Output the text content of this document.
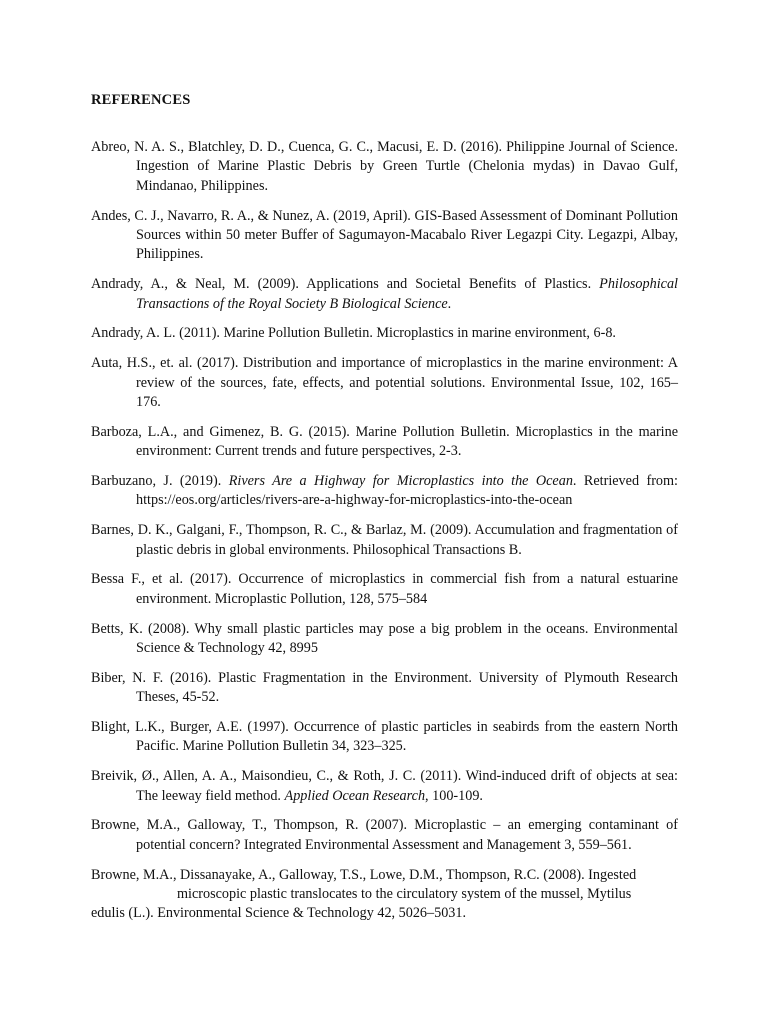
REFERENCES
Abreo, N. A. S., Blatchley, D. D., Cuenca, G. C., Macusi, E. D. (2016). Philippine Journal of Science. Ingestion of Marine Plastic Debris by Green Turtle (Chelonia mydas) in Davao Gulf, Mindanao, Philippines.
Andes, C. J., Navarro, R. A., & Nunez, A. (2019, April). GIS-Based Assessment of Dominant Pollution Sources within 50 meter Buffer of Sagumayon-Macabalo River Legazpi City. Legazpi, Albay, Philippines.
Andrady, A., & Neal, M. (2009). Applications and Societal Benefits of Plastics. Philosophical Transactions of the Royal Society B Biological Science.
Andrady, A. L. (2011). Marine Pollution Bulletin. Microplastics in marine environment, 6-8.
Auta, H.S., et. al. (2017). Distribution and importance of microplastics in the marine environment: A review of the sources, fate, effects, and potential solutions. Environmental Issue, 102, 165–176.
Barboza, L.A., and Gimenez, B. G. (2015). Marine Pollution Bulletin. Microplastics in the marine environment: Current trends and future perspectives, 2-3.
Barbuzano, J. (2019). Rivers Are a Highway for Microplastics into the Ocean. Retrieved from: https://eos.org/articles/rivers-are-a-highway-for-microplastics-into-the-ocean
Barnes, D. K., Galgani, F., Thompson, R. C., & Barlaz, M. (2009). Accumulation and fragmentation of plastic debris in global environments. Philosophical Transactions B.
Bessa F., et al. (2017). Occurrence of microplastics in commercial fish from a natural estuarine environment. Microplastic Pollution, 128, 575–584
Betts, K. (2008). Why small plastic particles may pose a big problem in the oceans. Environmental Science & Technology 42, 8995
Biber, N. F. (2016). Plastic Fragmentation in the Environment. University of Plymouth Research Theses, 45-52.
Blight, L.K., Burger, A.E. (1997). Occurrence of plastic particles in seabirds from the eastern North Pacific. Marine Pollution Bulletin 34, 323–325.
Breivik, Ø., Allen, A. A., Maisondieu, C., & Roth, J. C. (2011). Wind-induced drift of objects at sea: The leeway field method. Applied Ocean Research, 100-109.
Browne, M.A., Galloway, T., Thompson, R. (2007). Microplastic – an emerging contaminant of potential concern? Integrated Environmental Assessment and Management 3, 559–561.
Browne, M.A., Dissanayake, A., Galloway, T.S., Lowe, D.M., Thompson, R.C. (2008). Ingested
microscopic plastic translocates to the circulatory system of the mussel, Mytilus
edulis (L.). Environmental Science & Technology 42, 5026–5031.
